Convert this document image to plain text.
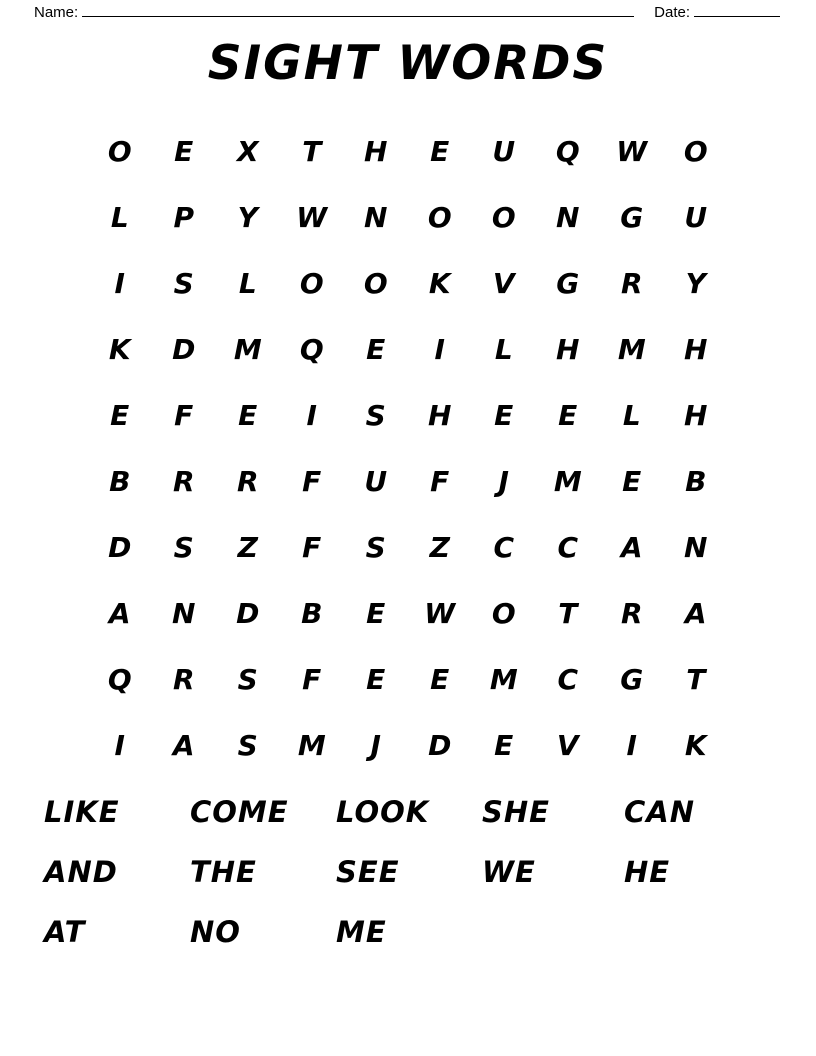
Name:	Date:
SIGHT WORDS
O	E	X	T	H	E	U	Q	W	O
L	P	Y	W	N	O	O	N	G	U
I	S	L	O	O	K	V	G	R	Y
K	D	M	Q	E	I	L	H	M	H
E	F	E	I	S	H	E	E	L	H
B	R	R	F	U	F	J	M	E	B
D	S	Z	F	S	Z	C	C	A	N
A	N	D	B	E	W	O	T	R	A
Q	R	S	F	E	E	M	C	G	T
I	A	S	M	J	D	E	V	I	K
LIKE	COME	LOOK	SHE	CAN
AND	THE	SEE	WE	HE
AT	NO	ME
